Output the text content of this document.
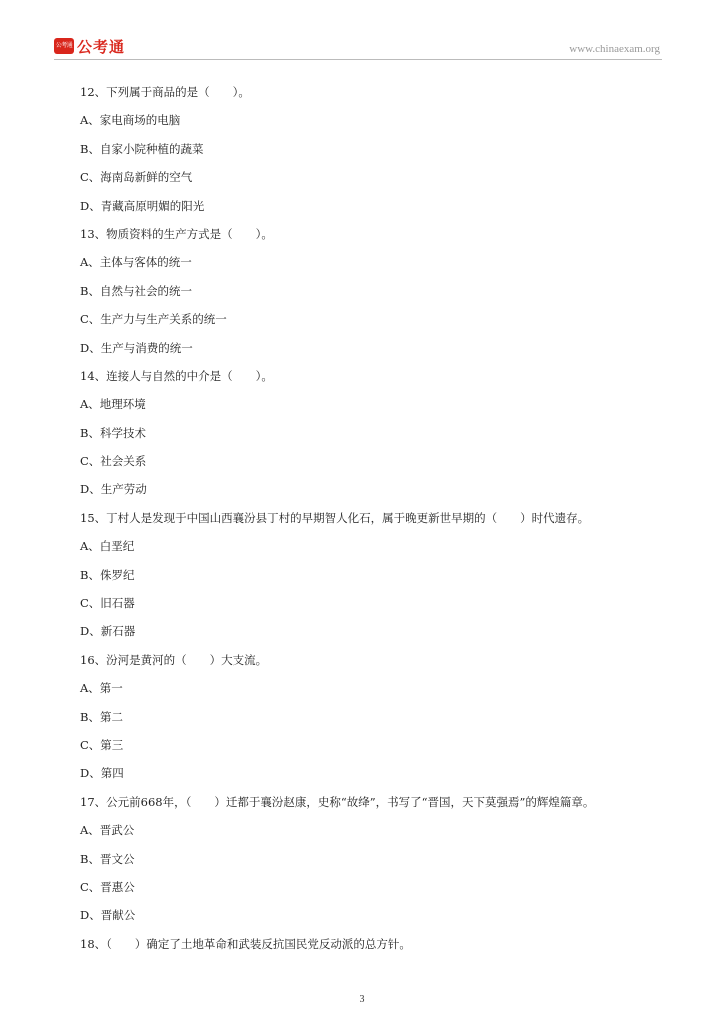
公考通 公考通	www.chinaexam.org
12、下列属于商品的是（　　）。
A、家电商场的电脑
B、自家小院种植的蔬菜
C、海南岛新鲜的空气
D、青藏高原明媚的阳光
13、物质资料的生产方式是（　　）。
A、主体与客体的统一
B、自然与社会的统一
C、生产力与生产关系的统一
D、生产与消费的统一
14、连接人与自然的中介是（　　）。
A、地理环境
B、科学技术
C、社会关系
D、生产劳动
15、丁村人是发现于中国山西襄汾县丁村的早期智人化石，属于晚更新世早期的（　　）时代遗存。
A、白垩纪
B、侏罗纪
C、旧石器
D、新石器
16、汾河是黄河的（　　）大支流。
A、第一
B、第二
C、第三
D、第四
17、公元前668年，（　　）迁都于襄汾赵康，史称“故绛”，书写了“晋国，天下莫强焉”的辉煌篇章。
A、晋武公
B、晋文公
C、晋惠公
D、晋献公
18、（　　）确定了土地革命和武装反抗国民党反动派的总方针。
3
